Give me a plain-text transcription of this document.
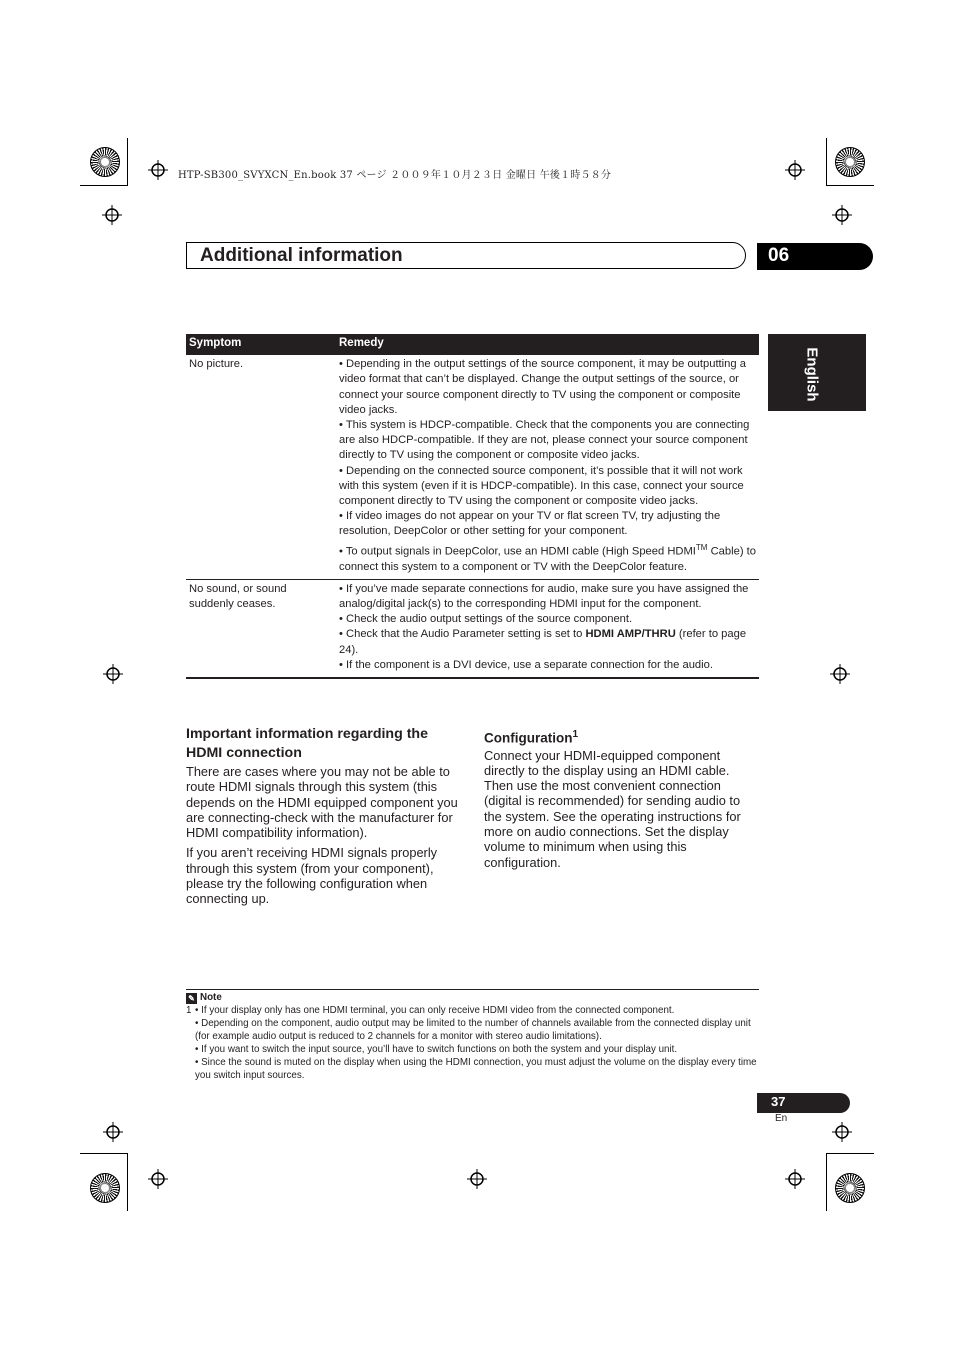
HTP-SB300_SVYXCN_En.book 37 ページ ２００９年１０月２３日 金曜日 午後１時５８分
Additional information	06
English
Symptom	Remedy
No picture.	• Depending in the output settings of the source component, it may be outputting a video format that can’t be displayed. Change the output settings of the source, or connect your source component directly to TV using the component or composite video jacks.
• This system is HDCP-compatible. Check that the components you are connecting are also HDCP-compatible. If they are not, please connect your source component directly to TV using the component or composite video jacks.
• Depending on the connected source component, it’s possible that it will not work with this system (even if it is HDCP-compatible). In this case, connect your source component directly to TV using the component or composite video jacks.
• If video images do not appear on your TV or flat screen TV, try adjusting the resolution, DeepColor or other setting for your component.
• To output signals in DeepColor, use an HDMI cable (High Speed HDMI™ Cable) to connect this system to a component or TV with the DeepColor feature.

No sound, or sound suddenly ceases.	• If you’ve made separate connections for audio, make sure you have assigned the analog/digital jack(s) to the corresponding HDMI input for the component.
• Check the audio output settings of the source component.
• Check that the Audio Parameter setting is set to HDMI AMP/THRU (refer to page 24).
• If the component is a DVI device, use a separate connection for the audio.
Important information regarding the HDMI connection
There are cases where you may not be able to route HDMI signals through this system (this depends on the HDMI equipped component you are connecting-check with the manufacturer for HDMI compatibility information).
If you aren’t receiving HDMI signals properly through this system (from your component), please try the following configuration when connecting up.
Configuration$^1$
Connect your HDMI-equipped component directly to the display using an HDMI cable. Then use the most convenient connection (digital is recommended) for sending audio to the system. See the operating instructions for more on audio connections. Set the display volume to minimum when using this configuration.
✎ Note
1 • If your display only has one HDMI terminal, you can only receive HDMI video from the connected component.
• Depending on the component, audio output may be limited to the number of channels available from the connected display unit (for example audio output is reduced to 2 channels for a monitor with stereo audio limitations).
• If you want to switch the input source, you’ll have to switch functions on both the system and your display unit.
• Since the sound is muted on the display when using the HDMI connection, you must adjust the volume on the display every time you switch input sources.
37
En
